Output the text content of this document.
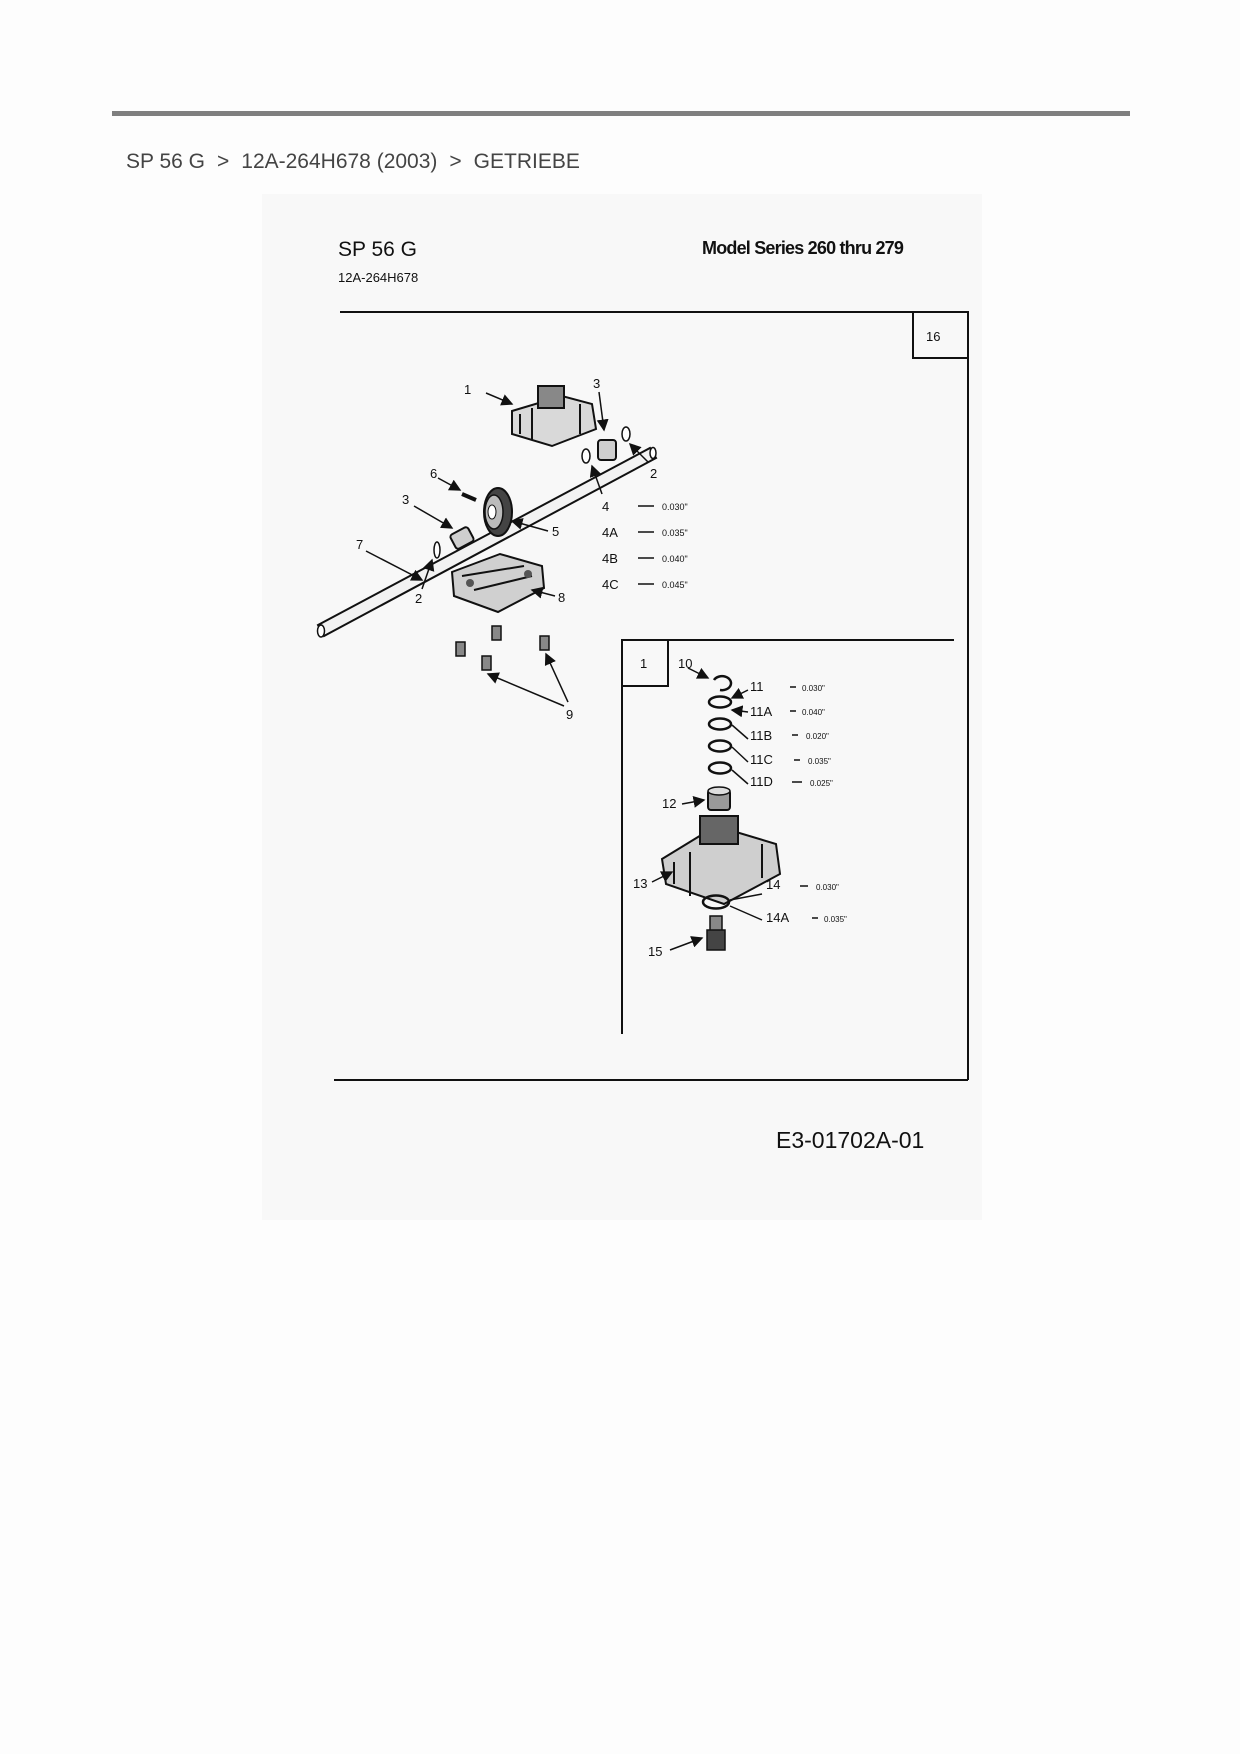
SP 56 G > 12A-264H678 (2003) > GETRIEBE
SP 56 G
12A-264H678
Model Series 260 thru 279
16
1
7
3
2
5
6
8
9
3
2
4	0.030"
4A	0.035"
4B	0.040"
4C	0.045"
1 10
11	0.030"
11A	0.040"
11B	0.020"
11C	0.035"
11D	0.025"
12
13	14	0.030"
14A	0.035"
15
E3-01702A-01
